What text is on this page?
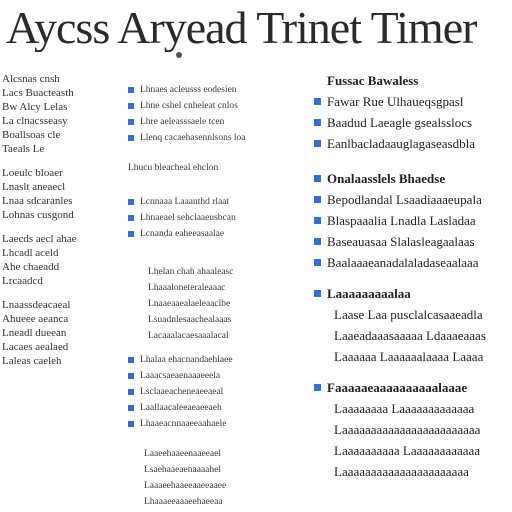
Aycss Aryead Trinet Timer
Alcsnas cnsh
Lacs Buacteasth
Bw Alcy Lelas
La clnacsseasy
Boallsoas cle
Taeals Le
Loeulc bloaer
Lnaslt aneaecl
Lnaa sdcaranles
Lohnas cusgond
Laecds aecl ahae
Lhcadl aceld
Ahe chaeadd
Lrcaadcd
Lnaassdeacaeal
Ahueee aeanca
Lneadl dueean
Lacaes aealaed
Laleas caeleh
Lhnaes acleusss eodesien
Lhne cshel cnheleat cnlos
Lhre aeleasssaele tcen
Llenq cacaehasennlsons loa
Lhucu bleacheal ehclon
Lcnnaaa Laaanthd rlaat
Lhnaeael sehclaaeusbcan
Lcnanda eaheeasaalae
Lhelan chah ahaaleasc
Lhaaaloneteraleaaac
Lnaaeaaealaeleaaclbe
Lsuadnlesaachealaaas
Lacaaalacaesaaalacal
Lhalaa ehacnandaehlaee
Laaacsaeaenaaaeeela
Lsclaaeacheneaeeaeal
Laallaacaleeaeaeeaeh
Lhaaeacnnaaeeaahaele
Laaeehaaeenaaeeael
Lsaehaaeaenaaaahel
Laaaeehaaeeaaeeaaee
Lhaaaeeaaaeehaeeaa
Fussac Bawaless
Fawar Rue Ulhaueqsgpasl
Baadud Laeagle gsealsslocs
Eanlbacladaauglagaseasdbla
Onalaasslels Bhaedse
Bepodlandal Lsaadiaaaeupala
Blaspaaalia Lnadla Lasladaa
Baseauasaa Slalasleagaalaas
Baalaaaeanadalaladaseaalaaa
Laaaaaaaaalaa
Laase Laa pusclalcasaaeadla
Laaeadaaasaaaaa Ldaaaeaaas
Laaaaaa Laaaaaalaaaa Laaaa
Faaaaaeaaaaaaaaaalaaae
Laaaaaaaa Laaaaaaaaaaaaa
Laaaaaaaaaaaaaaaaaaaaaaaa
Laaaaaaaaaa Laaaaaaaaaaaa
Laaaaaaaaaaaaaaaaaaaaaa
